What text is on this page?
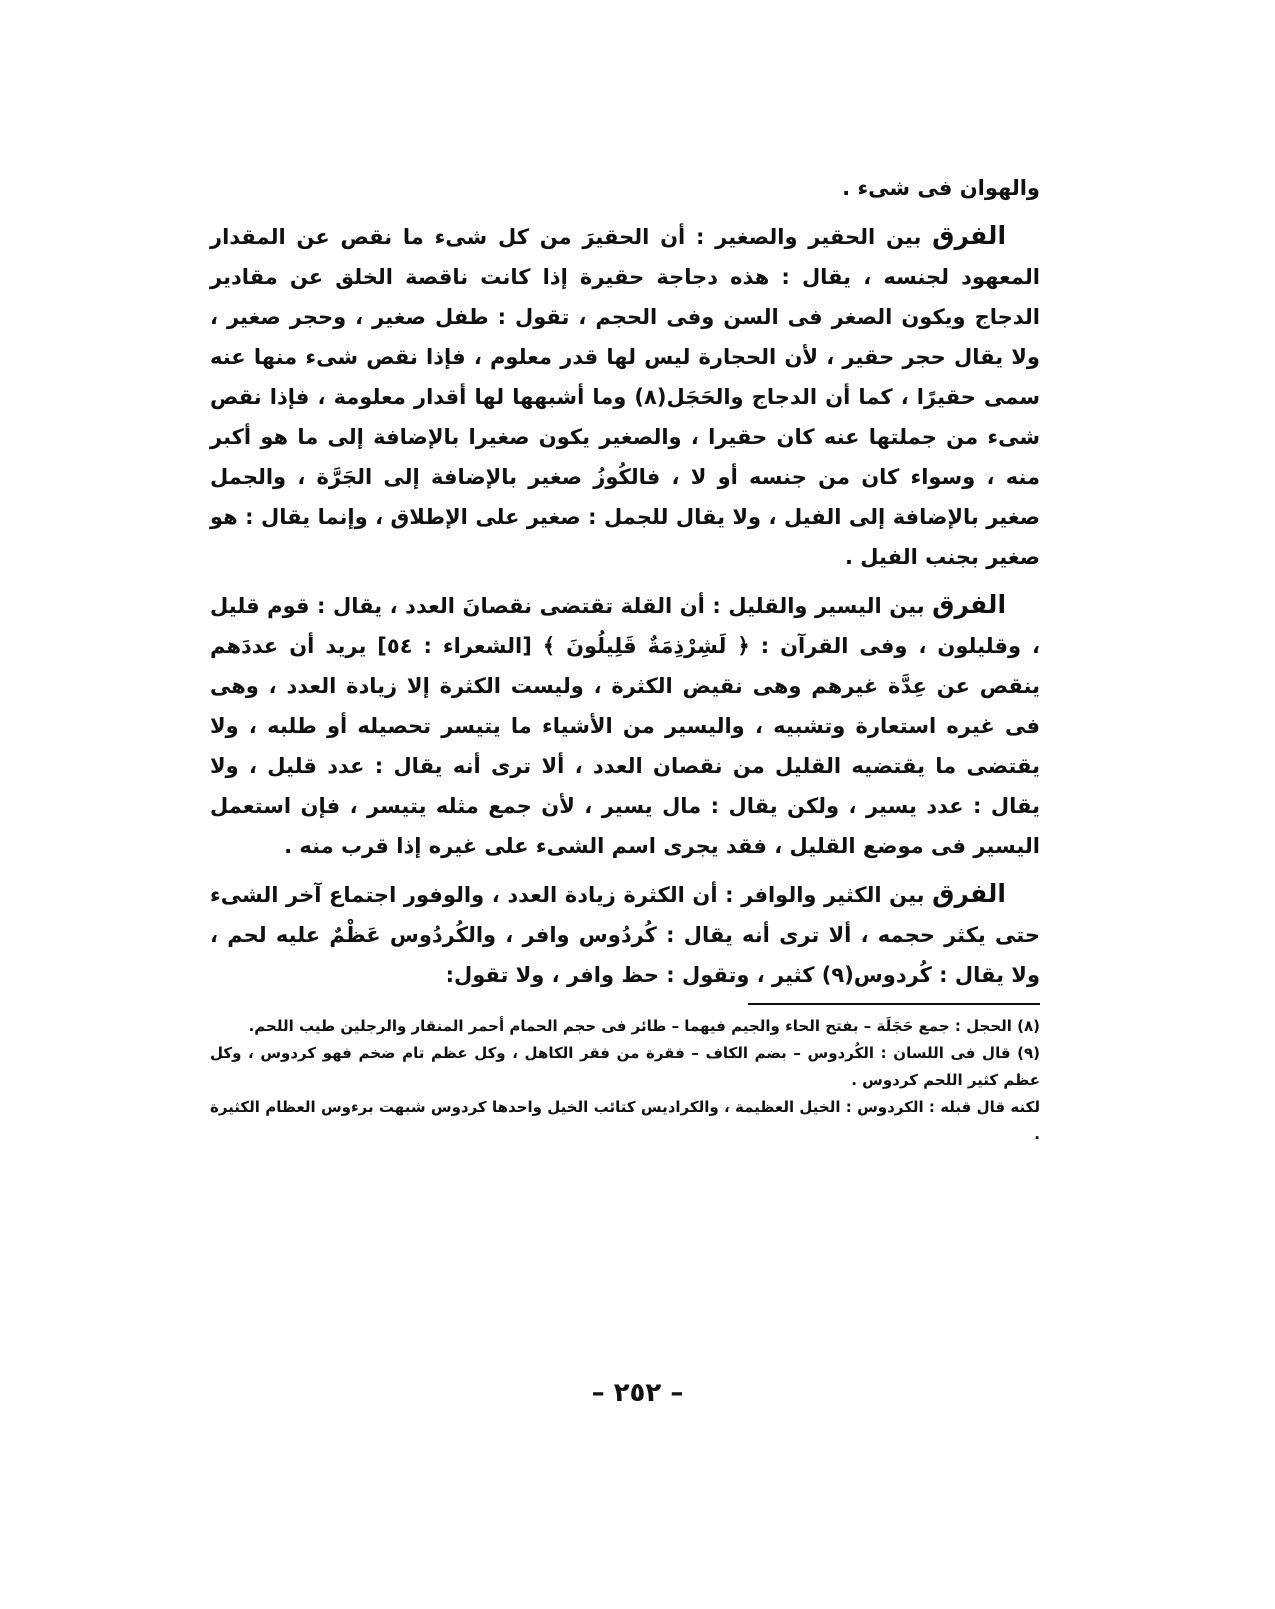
والهوان فى شىء .

الفرق بين الحقير والصغير : أن الحقيرَ من كل شىء ما نقص عن المقدار المعهود لجنسه ، يقال : هذه دجاجة حقيرة إذا كانت ناقصة الخلق عن مقادير الدجاج ويكون الصغر فى السن وفى الحجم ، تقول : طفل صغير ، وحجر صغير ، ولا يقال حجر حقير ، لأن الحجارة ليس لها قدر معلوم ، فإذا نقص شىء منها عنه سمى حقيرًا ، كما أن الدجاج والحَجَل(٨) وما أشبهها لها أقدار معلومة ، فإذا نقص شىء من جملتها عنه كان حقيرا ، والصغير يكون صغيرا بالإضافة إلى ما هو أكبر منه ، وسواء كان من جنسه أو لا ، فالكُوزُ صغير بالإضافة إلى الجَرَّة ، والجمل صغير بالإضافة إلى الفيل ، ولا يقال للجمل : صغير على الإطلاق ، وإنما يقال : هو صغير بجنب الفيل .

الفرق بين اليسير والقليل : أن القلة تقتضى نقصانَ العدد ، يقال : قوم قليل ، وقليلون ، وفى القرآن : ﴿ لَشِرْذِمَةٌ قَلِيلُونَ ﴾ [الشعراء : ٥٤] يريد أن عددَهم ينقص عن عِدَّة غيرهم وهى نقيض الكثرة ، وليست الكثرة إلا زيادة العدد ، وهى فى غيره استعارة وتشبيه ، واليسير من الأشياء ما يتيسر تحصيله أو طلبه ، ولا يقتضى ما يقتضيه القليل من نقصان العدد ، ألا ترى أنه يقال : عدد قليل ، ولا يقال : عدد يسير ، ولكن يقال : مال يسير ، لأن جمع مثله يتيسر ، فإن استعمل اليسير فى موضع القليل ، فقد يجرى اسم الشىء على غيره إذا قرب منه .

الفرق بين الكثير والوافر : أن الكثرة زيادة العدد ، والوفور اجتماع آخر الشىء حتى يكثر حجمه ، ألا ترى أنه يقال : كُردُوس وافر ، والكُردُوس عَظْمٌ عليه لحم ، ولا يقال : كُردوس(٩) كثير ، وتقول : حظ وافر ، ولا تقول:

(٨) الحجل : جمع حَجَلَة – بفتح الحاء والجيم فيهما – طائر فى حجم الحمام أحمر المنقار والرجلين طيب اللحم.

(٩) قال فى اللسان : الكُردوس – بضم الكاف – فقرة من فقر الكاهل ، وكل عظم تام ضخم فهو كردوس ، وكل عظم كثير اللحم كردوس .

لكنه قال قبله : الكردوس : الخيل العظيمة ، والكراديس كتائب الخيل واحدها كردوس شبهت برءوس العظام الكثيرة .

– ٢٥٢ –
